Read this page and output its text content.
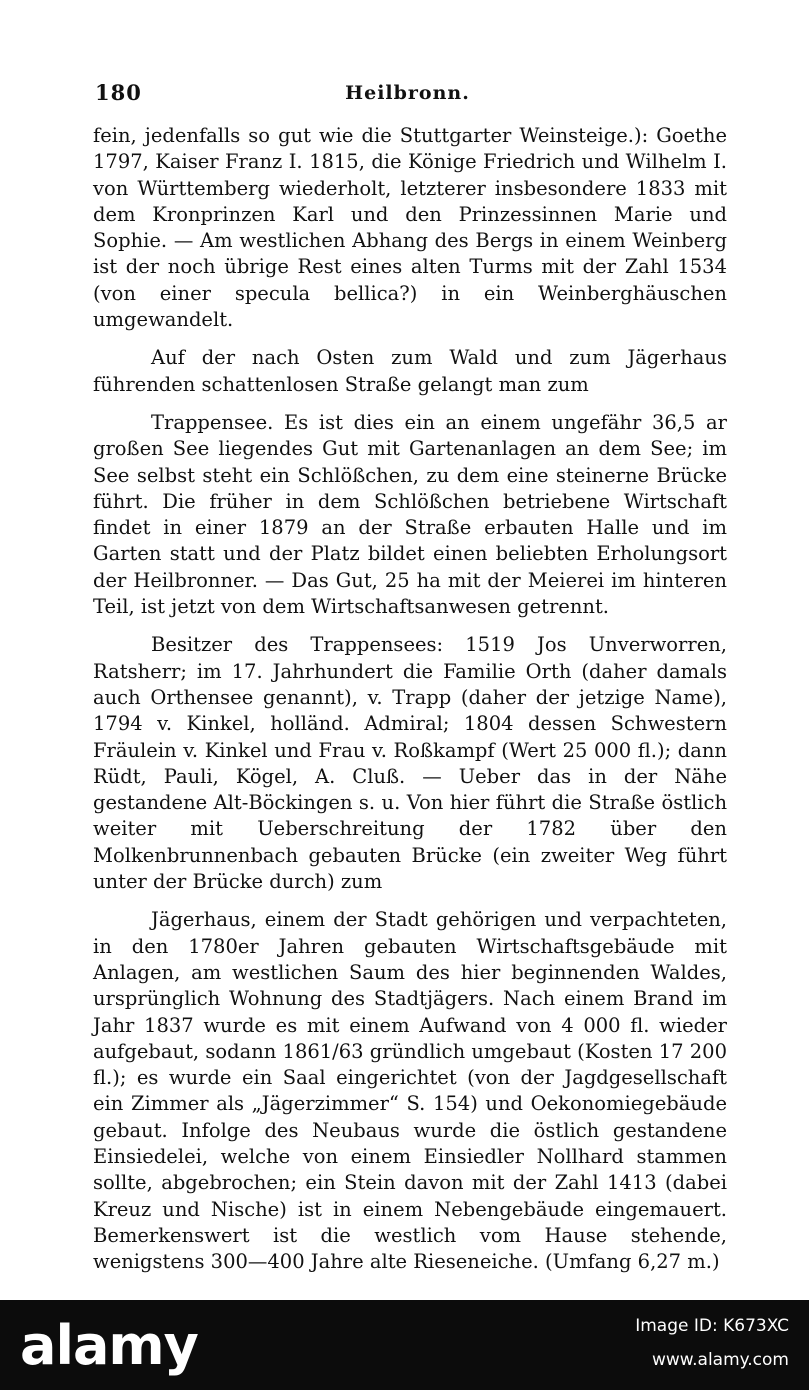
180	Heilbronn.

fein, jedenfalls so gut wie die Stuttgarter Weinsteige.): Goethe 1797, Kaiser Franz I. 1815, die Könige Friedrich und Wilhelm I. von Württemberg wiederholt, letzterer insbesondere 1833 mit dem Kronprinzen Karl und den Prinzessinnen Marie und Sophie. — Am westlichen Abhang des Bergs in einem Weinberg ist der noch übrige Rest eines alten Turms mit der Zahl 1534 (von einer specula bellica?) in ein Weinberghäuschen umgewandelt.

Auf der nach Osten zum Wald und zum Jägerhaus führenden schattenlosen Straße gelangt man zum

Trappensee. Es ist dies ein an einem ungefähr 36,5 ar großen See liegendes Gut mit Gartenanlagen an dem See; im See selbst steht ein Schlößchen, zu dem eine steinerne Brücke führt. Die früher in dem Schlößchen betriebene Wirtschaft findet in einer 1879 an der Straße erbauten Halle und im Garten statt und der Platz bildet einen beliebten Erholungsort der Heilbronner. — Das Gut, 25 ha mit der Meierei im hinteren Teil, ist jetzt von dem Wirtschaftsanwesen getrennt.

Besitzer des Trappensees: 1519 Jos Unverworren, Ratsherr; im 17. Jahrhundert die Familie Orth (daher damals auch Orthensee genannt), v. Trapp (daher der jetzige Name), 1794 v. Kinkel, holländ. Admiral; 1804 dessen Schwestern Fräulein v. Kinkel und Frau v. Roßkampf (Wert 25 000 fl.); dann Rüdt, Pauli, Kögel, A. Cluß. — Ueber das in der Nähe gestandene Alt-Böckingen s. u. Von hier führt die Straße östlich weiter mit Ueberschreitung der 1782 über den Molkenbrunnenbach gebauten Brücke (ein zweiter Weg führt unter der Brücke durch) zum

Jägerhaus, einem der Stadt gehörigen und verpachteten, in den 1780er Jahren gebauten Wirtschaftsgebäude mit Anlagen, am westlichen Saum des hier beginnenden Waldes, ursprünglich Wohnung des Stadtjägers. Nach einem Brand im Jahr 1837 wurde es mit einem Aufwand von 4 000 fl. wieder aufgebaut, sodann 1861/63 gründlich umgebaut (Kosten 17 200 fl.); es wurde ein Saal eingerichtet (von der Jagdgesellschaft ein Zimmer als „Jägerzimmer“ S. 154) und Oekonomiegebäude gebaut. Infolge des Neubaus wurde die östlich gestandene Einsiedelei, welche von einem Einsiedler Nollhard stammen sollte, abgebrochen; ein Stein davon mit der Zahl 1413 (dabei Kreuz und Nische) ist in einem Nebengebäude eingemauert. Bemerkenswert ist die westlich vom Hause stehende, wenigstens 300—400 Jahre alte Rieseneiche. (Umfang 6,27 m.)

alamy	Image ID: K673XC
www.alamy.com
